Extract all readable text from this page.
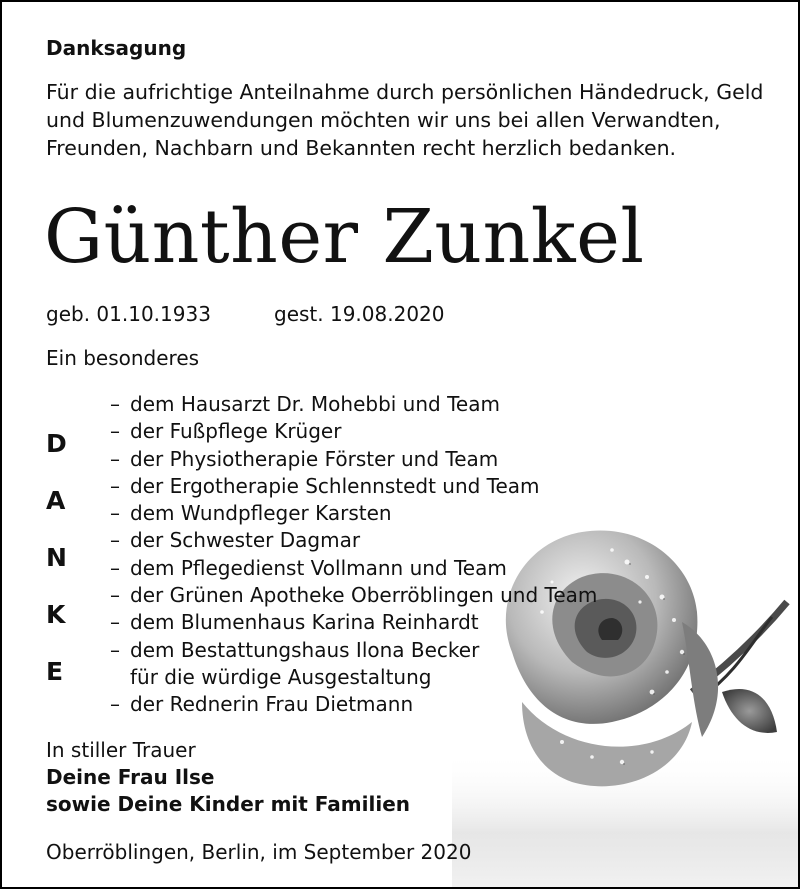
Danksagung

Für die aufrichtige Anteilnahme durch persönlichen Händedruck, Geld und Blumenzuwendungen möchten wir uns bei allen Verwandten, Freunden, Nachbarn und Bekannten recht herzlich bedanken.

Günther Zunkel
geb. 01.10.1933	gest. 19.08.2020
Ein besonderes
D
A
N
K
E
– dem Hausarzt Dr. Mohebbi und Team
– der Fußpflege Krüger
– der Physiotherapie Förster und Team
– der Ergotherapie Schlennstedt und Team
– dem Wundpfleger Karsten
– der Schwester Dagmar
– dem Pflegedienst Vollmann und Team
– der Grünen Apotheke Oberröblingen und Team
– dem Blumenhaus Karina Reinhardt
– dem Bestattungshaus Ilona Becker
für die würdige Ausgestaltung
– der Rednerin Frau Dietmann
In stiller Trauer
Deine Frau Ilse
sowie Deine Kinder mit Familien
Oberröblingen, Berlin, im September 2020
